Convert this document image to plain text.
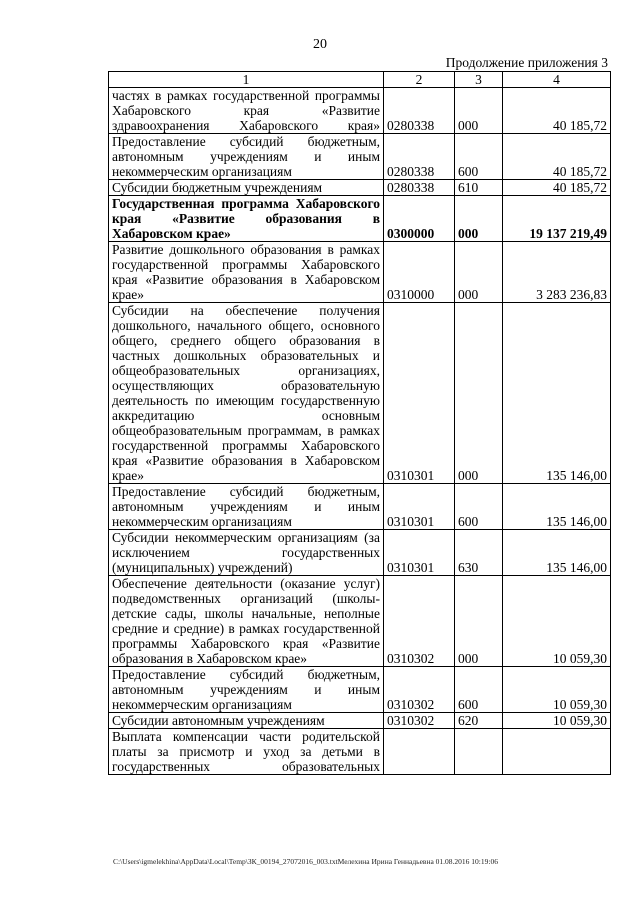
20
Продолжение приложения 3
1	2	3	4
частях в рамках государственной программы Хабаровского края «Развитие здравоохранения Хабаровского края»	0280338	000	40 185,72
Предоставление субсидий бюджетным, автономным учреждениям и иным некоммерческим организациям	0280338	600	40 185,72
Субсидии бюджетным учреждениям	0280338	610	40 185,72
Государственная программа Хабаровского края «Развитие образования в Хабаровском крае»	0300000	000	19 137 219,49
Развитие дошкольного образования в рамках государственной программы Хабаровского края «Развитие образования в Хабаровском крае»	0310000	000	3 283 236,83
Субсидии на обеспечение получения дошкольного, начального общего, основного общего, среднего общего образования в частных дошкольных образовательных и общеобразовательных организациях, осуществляющих образовательную деятельность по имеющим государственную аккредитацию основным общеобразовательным программам, в рамках государственной программы Хабаровского края «Развитие образования в Хабаровском крае»	0310301	000	135 146,00
Предоставление субсидий бюджетным, автономным учреждениям и иным некоммерческим организациям	0310301	600	135 146,00
Субсидии некоммерческим организациям (за исключением государственных (муниципальных) учреждений)	0310301	630	135 146,00
Обеспечение деятельности (оказание услуг) подведомственных организаций (школы-детские сады, школы начальные, неполные средние и средние) в рамках государственной программы Хабаровского края «Развитие образования в Хабаровском крае»	0310302	000	10 059,30
Предоставление субсидий бюджетным, автономным учреждениям и иным некоммерческим организациям	0310302	600	10 059,30
Субсидии автономным учреждениям	0310302	620	10 059,30
Выплата компенсации части родительской платы за присмотр и уход за детьми в государственных образовательных			
C:\Users\igmelekhina\AppData\Local\Temp\ЗК_00194_27072016_003.txtМелехина Ирина Геннадьевна 01.08.2016 10:19:06
